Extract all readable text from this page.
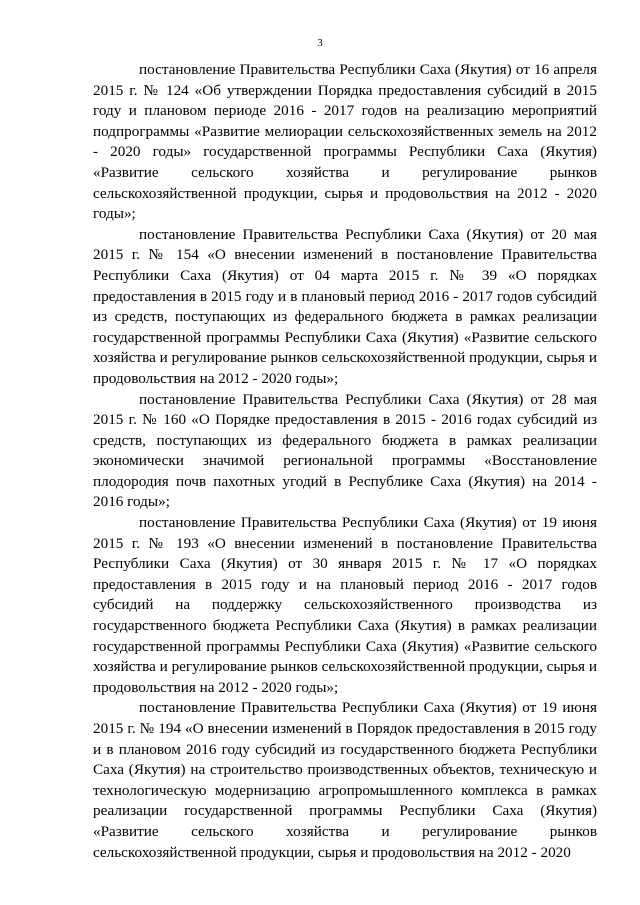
3

постановление Правительства Республики Саха (Якутия) от 16 апреля 2015 г. № 124 «Об утверждении Порядка предоставления субсидий в 2015 году и плановом периоде 2016 - 2017 годов на реализацию мероприятий подпрограммы «Развитие мелиорации сельскохозяйственных земель на 2012 - 2020 годы» государственной программы Республики Саха (Якутия) «Развитие сельского хозяйства и регулирование рынков сельскохозяйственной продукции, сырья и продовольствия на 2012 - 2020 годы»;

постановление Правительства Республики Саха (Якутия) от 20 мая 2015 г. № 154 «О внесении изменений в постановление Правительства Республики Саха (Якутия) от 04 марта 2015 г. № 39 «О порядках предоставления в 2015 году и в плановый период 2016 - 2017 годов субсидий из средств, поступающих из федерального бюджета в рамках реализации государственной программы Республики Саха (Якутия) «Развитие сельского хозяйства и регулирование рынков сельскохозяйственной продукции, сырья и продовольствия на 2012 - 2020 годы»;

постановление Правительства Республики Саха (Якутия) от 28 мая 2015 г. № 160 «О Порядке предоставления в 2015 - 2016 годах субсидий из средств, поступающих из федерального бюджета в рамках реализации экономически значимой региональной программы «Восстановление плодородия почв пахотных угодий в Республике Саха (Якутия) на 2014 - 2016 годы»;

постановление Правительства Республики Саха (Якутия) от 19 июня 2015 г. № 193 «О внесении изменений в постановление Правительства Республики Саха (Якутия) от 30 января 2015 г. № 17 «О порядках предоставления в 2015 году и на плановый период 2016 - 2017 годов субсидий на поддержку сельскохозяйственного производства из государственного бюджета Республики Саха (Якутия) в рамках реализации государственной программы Республики Саха (Якутия) «Развитие сельского хозяйства и регулирование рынков сельскохозяйственной продукции, сырья и продовольствия на 2012 - 2020 годы»;

постановление Правительства Республики Саха (Якутия) от 19 июня 2015 г. № 194 «О внесении изменений в Порядок предоставления в 2015 году и в плановом 2016 году субсидий из государственного бюджета Республики Саха (Якутия) на строительство производственных объектов, техническую и технологическую модернизацию агропромышленного комплекса в рамках реализации государственной программы Республики Саха (Якутия) «Развитие сельского хозяйства и регулирование рынков сельскохозяйственной продукции, сырья и продовольствия на 2012 - 2020
